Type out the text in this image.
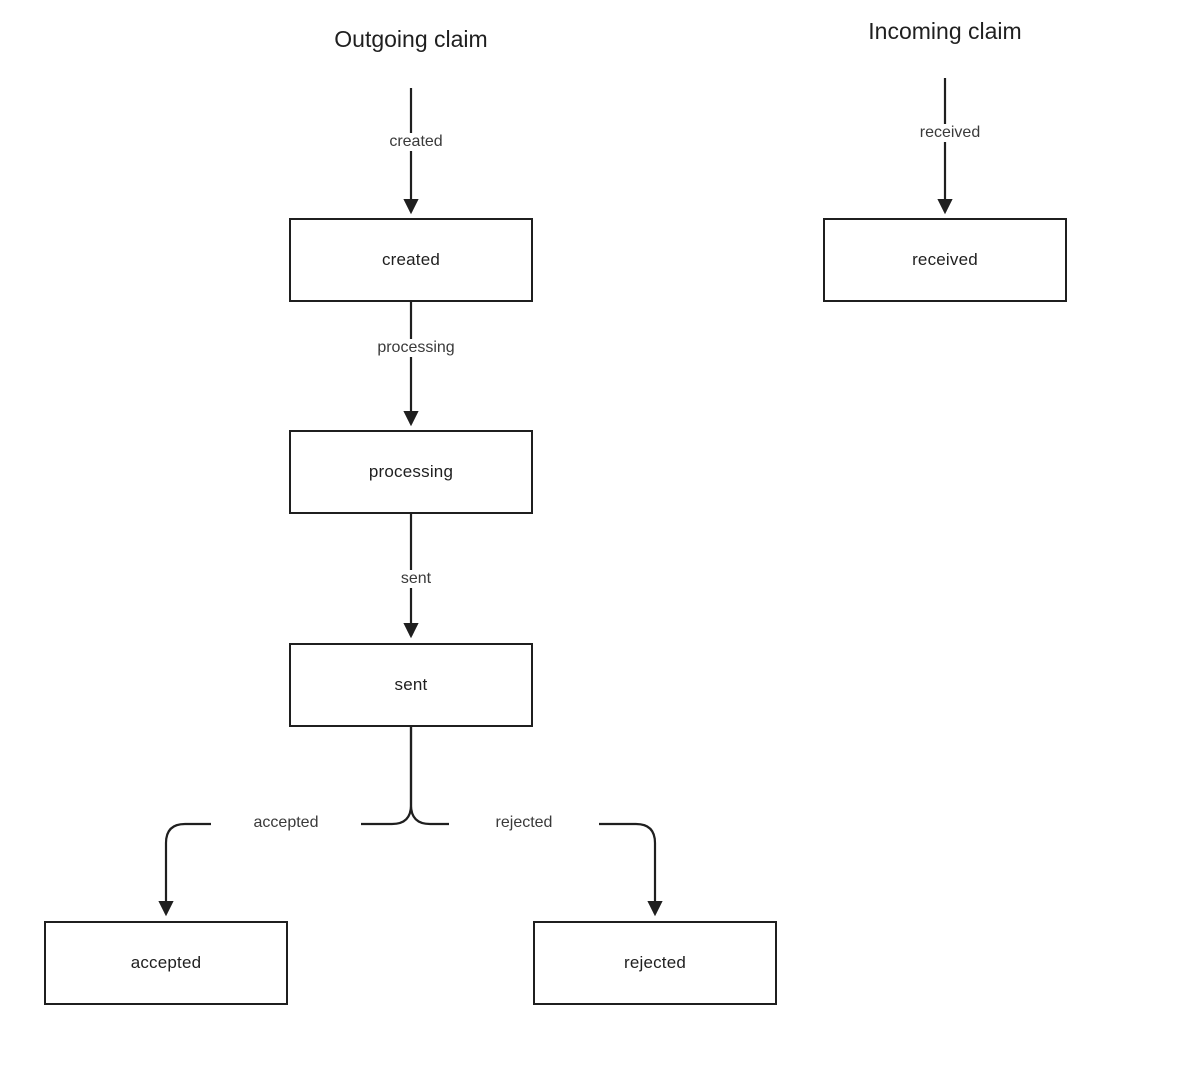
Outgoing claim	Incoming claim
created
processing
sent
accepted	rejected
received
created
processing
sent
accepted	rejected
received
